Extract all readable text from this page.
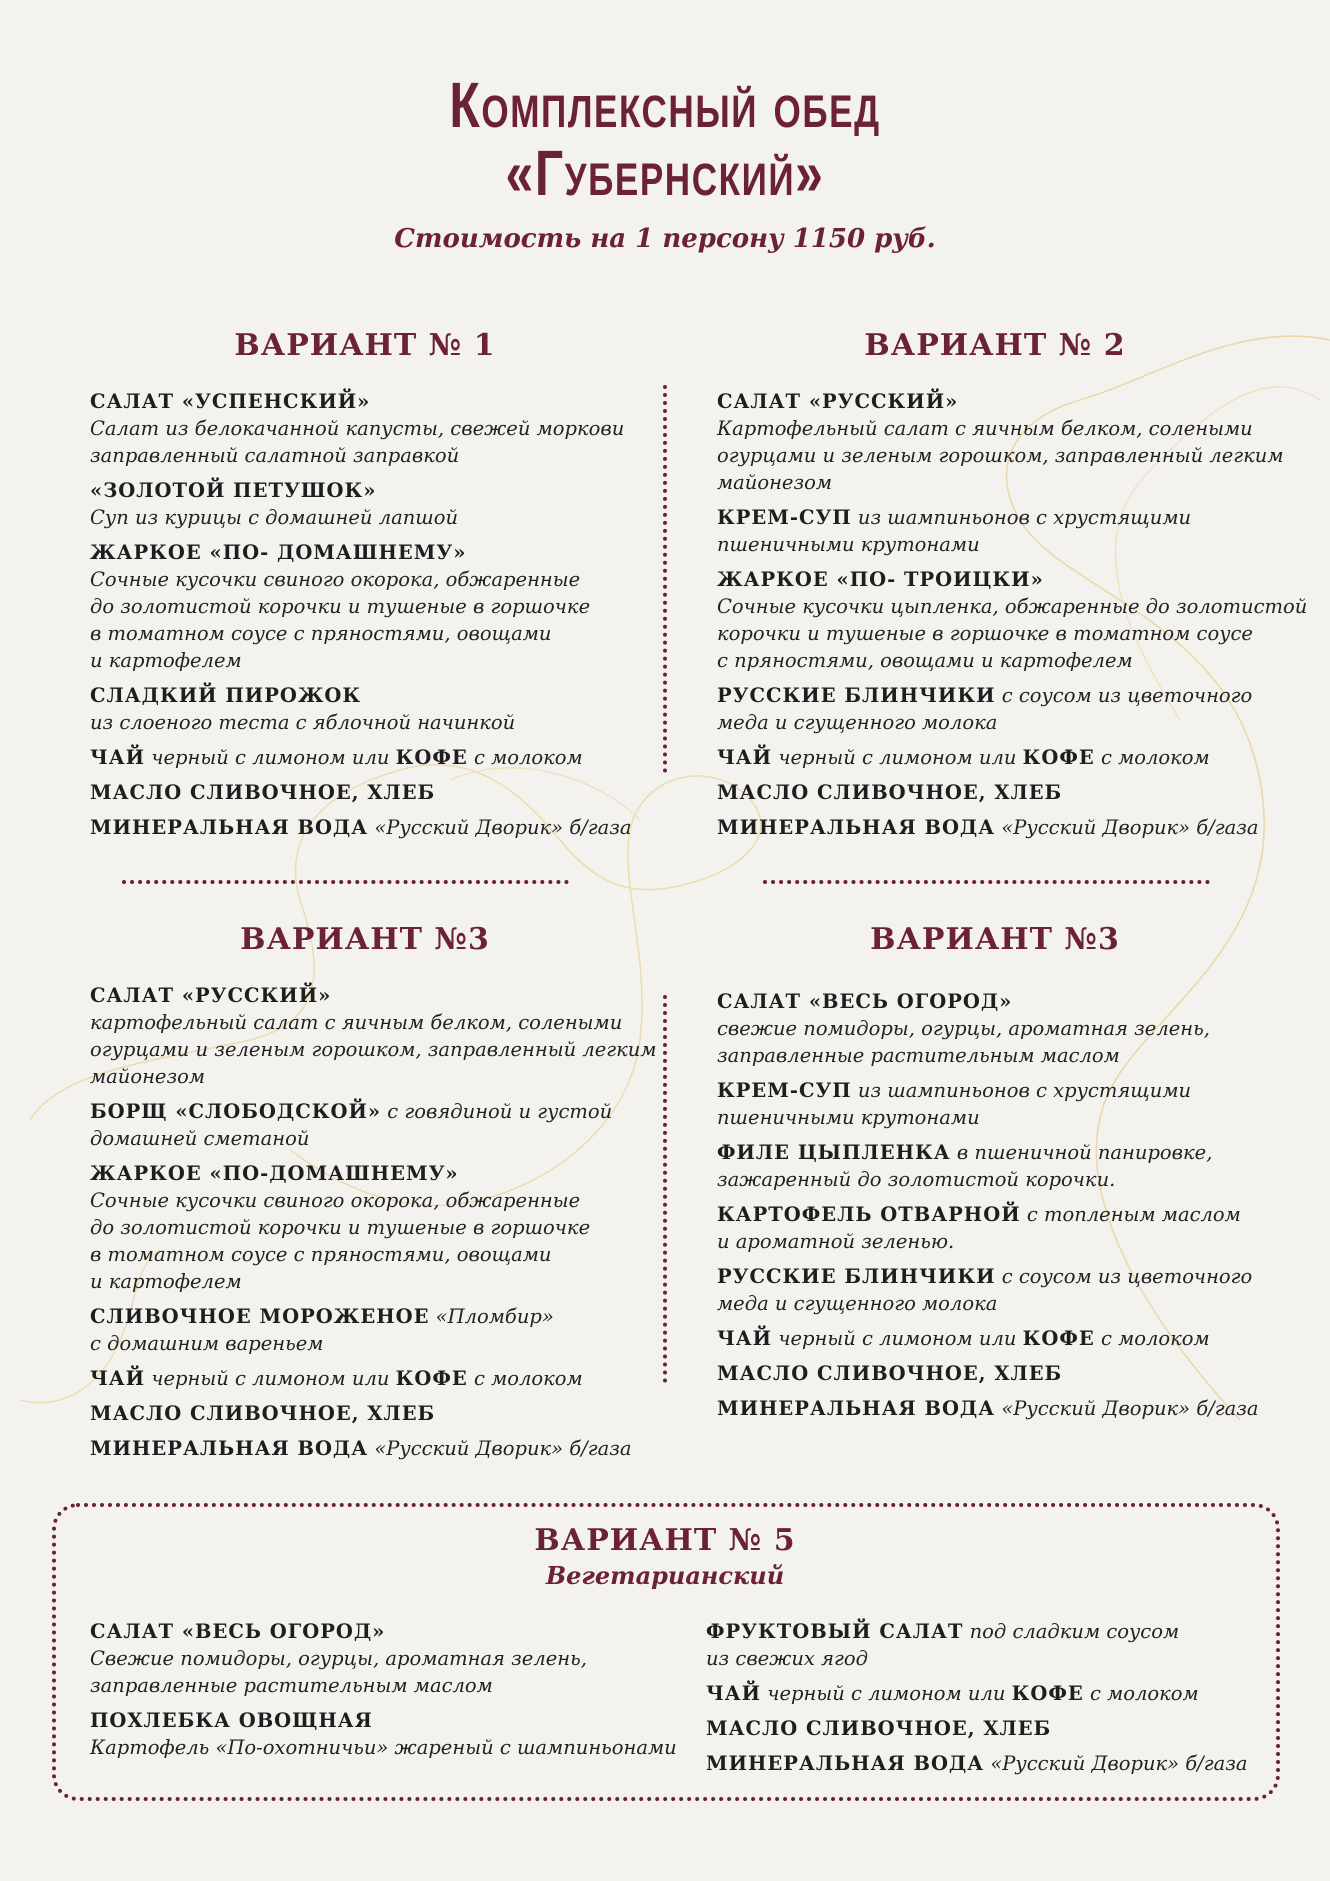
Комплексный обед
«Губернский»
Стоимость на 1 персону 1150 руб.
ВАРИАНТ № 1
САЛАТ «УСПЕНСКИЙ»
Салат из белокачанной капусты, свежей моркови
заправленный салатной заправкой
«ЗОЛОТОЙ ПЕТУШОК»
Суп из курицы с домашней лапшой
ЖАРКОЕ «ПО- ДОМАШНЕМУ»
Сочные кусочки свиного окорока, обжаренные
до золотистой корочки и тушеные в горшочке
в томатном соусе с пряностями, овощами
и картофелем
СЛАДКИЙ ПИРОЖОК
из слоеного теста с яблочной начинкой
ЧАЙ черный с лимоном или КОФЕ с молоком
МАСЛО СЛИВОЧНОЕ, ХЛЕБ
МИНЕРАЛЬНАЯ ВОДА «Русский Дворик» б/газа
ВАРИАНТ № 2
САЛАТ «РУССКИЙ»
Картофельный салат с яичным белком, солеными
огурцами и зеленым горошком, заправленный легким
майонезом
КРЕМ-СУП из шампиньонов с хрустящими
пшеничными крутонами
ЖАРКОЕ «ПО- ТРОИЦКИ»
Сочные кусочки цыпленка, обжаренные до золотистой
корочки и тушеные в горшочке в томатном соусе
с пряностями, овощами и картофелем
РУССКИЕ БЛИНЧИКИ с соусом из цветочного
меда и сгущенного молока
ЧАЙ черный с лимоном или КОФЕ с молоком
МАСЛО СЛИВОЧНОЕ, ХЛЕБ
МИНЕРАЛЬНАЯ ВОДА «Русский Дворик» б/газа
ВАРИАНТ №3
САЛАТ «РУССКИЙ»
картофельный салат с яичным белком, солеными
огурцами и зеленым горошком, заправленный легким
майонезом
БОРЩ «СЛОБОДСКОЙ» с говядиной и густой
домашней сметаной
ЖАРКОЕ «ПО-ДОМАШНЕМУ»
Сочные кусочки свиного окорока, обжаренные
до золотистой корочки и тушеные в горшочке
в томатном соусе с пряностями, овощами
и картофелем
СЛИВОЧНОЕ МОРОЖЕНОЕ «Пломбир»
с домашним вареньем
ЧАЙ черный с лимоном или КОФЕ с молоком
МАСЛО СЛИВОЧНОЕ, ХЛЕБ
МИНЕРАЛЬНАЯ ВОДА «Русский Дворик» б/газа
ВАРИАНТ №3
САЛАТ «ВЕСЬ ОГОРОД»
свежие помидоры, огурцы, ароматная зелень,
заправленные растительным маслом
КРЕМ-СУП из шампиньонов с хрустящими
пшеничными крутонами
ФИЛЕ ЦЫПЛЕНКА в пшеничной панировке,
зажаренный до золотистой корочки.
КАРТОФЕЛЬ ОТВАРНОЙ с топленым маслом
и ароматной зеленью.
РУССКИЕ БЛИНЧИКИ с соусом из цветочного
меда и сгущенного молока
ЧАЙ черный с лимоном или КОФЕ с молоком
МАСЛО СЛИВОЧНОЕ, ХЛЕБ
МИНЕРАЛЬНАЯ ВОДА «Русский Дворик» б/газа
ВАРИАНТ № 5
Вегетарианский
САЛАТ «ВЕСЬ ОГОРОД»
Свежие помидоры, огурцы, ароматная зелень,
заправленные растительным маслом
ПОХЛЕБКА ОВОЩНАЯ
Картофель «По-охотничьи» жареный с шампиньонами
ФРУКТОВЫЙ САЛАТ под сладким соусом
из свежих ягод
ЧАЙ черный с лимоном или КОФЕ с молоком
МАСЛО СЛИВОЧНОЕ, ХЛЕБ
МИНЕРАЛЬНАЯ ВОДА «Русский Дворик» б/газа
